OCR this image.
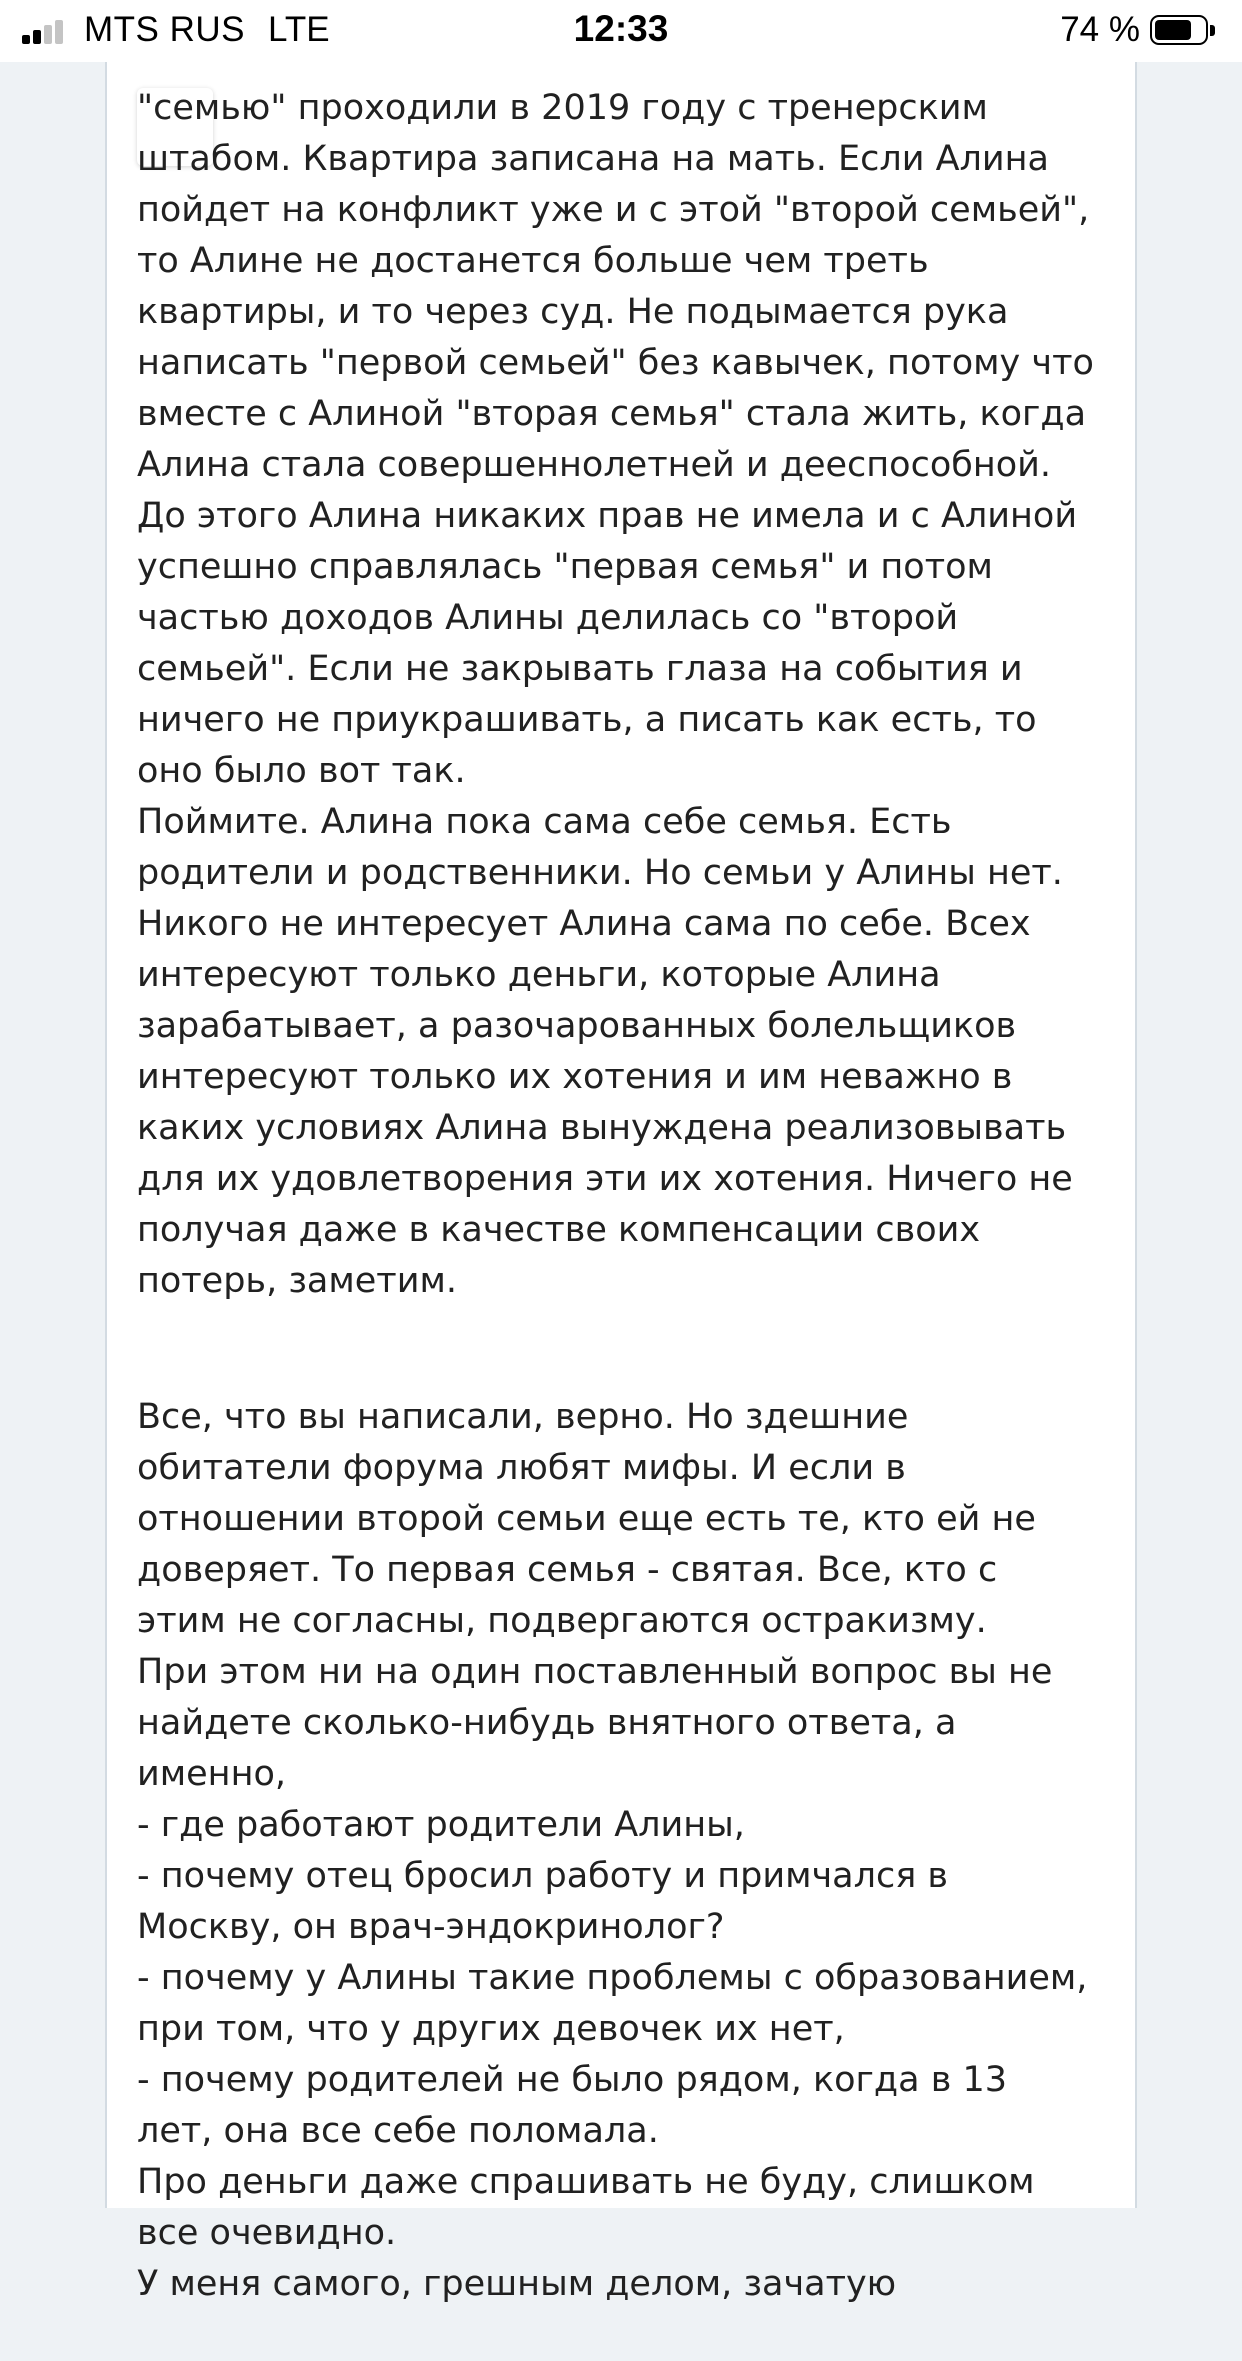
"семью" проходили в 2019 году с тренерским
штабом. Квартира записана на мать. Если Алина
пойдет на конфликт уже и с этой "второй семьей",
то Алине не достанется больше чем треть
квартиры, и то через суд. Не подымается рука
написать "первой семьей" без кавычек, потому что
вместе с Алиной "вторая семья" стала жить, когда
Алина стала совершеннолетней и дееспособной.
До этого Алина никаких прав не имела и с Алиной
успешно справлялась "первая семья" и потом
частью доходов Алины делилась со "второй
семьей". Если не закрывать глаза на события и
ничего не приукрашивать, а писать как есть, то
оно было вот так.
Поймите. Алина пока сама себе семья. Есть
родители и родственники. Но семьи у Алины нет.
Никого не интересует Алина сама по себе. Всех
интересуют только деньги, которые Алина
зарабатывает, а разочарованных болельщиков
интересуют только их хотения и им неважно в
каких условиях Алина вынуждена реализовывать
для их удовлетворения эти их хотения. Ничего не
получая даже в качестве компенсации своих
потерь, заметим.

Все, что вы написали, верно. Но здешние
обитатели форума любят мифы. И если в
отношении второй семьи еще есть те, кто ей не
доверяет. То первая семья - святая. Все, кто с
этим не согласны, подвергаются остракизму.
При этом ни на один поставленный вопрос вы не
найдете сколько-нибудь внятного ответа, а
именно,
- где работают родители Алины,
- почему отец бросил работу и примчался в
Москву, он врач-эндокринолог?
- почему у Алины такие проблемы с образованием,
при том, что у других девочек их нет,
- почему родителей не было рядом, когда в 13
лет, она все себе поломала.
Про деньги даже спрашивать не буду, слишком
все очевидно.
У меня самого, грешным делом, зачатую

MTS RUS LTE	12:33	74 %
